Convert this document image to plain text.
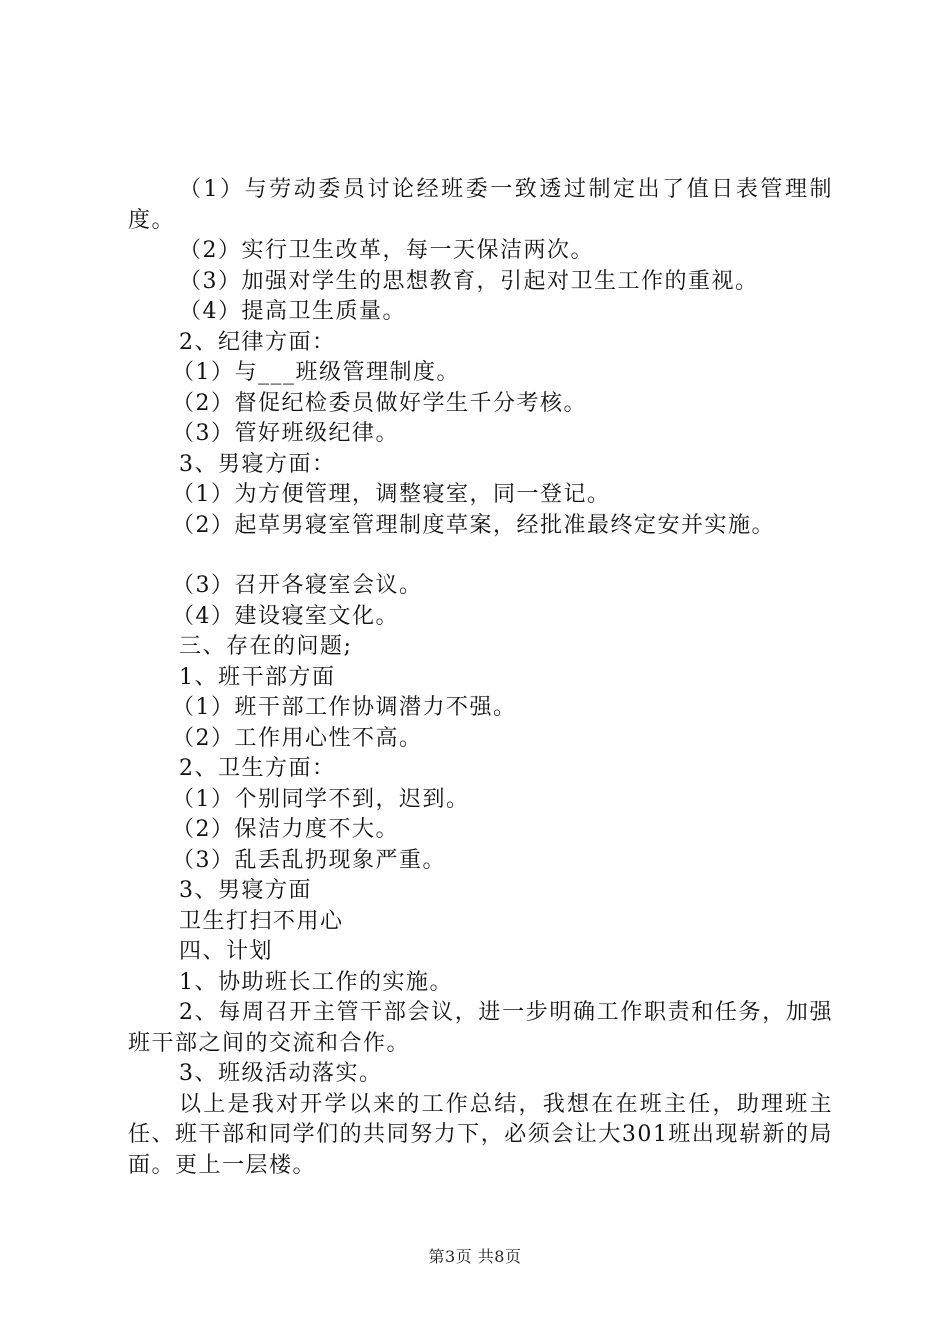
（1）与劳动委员讨论经班委一致透过制定出了值日表管理制度。
（2）实行卫生改革，每一天保洁两次。
（3）加强对学生的思想教育，引起对卫生工作的重视。
（4）提高卫生质量。
2、纪律方面：
（1）与___班级管理制度。
（2）督促纪检委员做好学生千分考核。
（3）管好班级纪律。
3、男寝方面：
（1）为方便管理，调整寝室，同一登记。
（2）起草男寝室管理制度草案，经批准最终定安并实施。
（3）召开各寝室会议。
（4）建设寝室文化。
三、存在的问题;
1、班干部方面
（1）班干部工作协调潜力不强。
（2）工作用心性不高。
2、卫生方面：
（1）个别同学不到，迟到。
（2）保洁力度不大。
（3）乱丢乱扔现象严重。
3、男寝方面
卫生打扫不用心
四、计划
1、协助班长工作的实施。
2、每周召开主管干部会议，进一步明确工作职责和任务，加强班干部之间的交流和合作。
3、班级活动落实。
以上是我对开学以来的工作总结，我想在在班主任，助理班主任、班干部和同学们的共同努力下，必须会让大301班出现崭新的局面。更上一层楼。
第3页 共8页
